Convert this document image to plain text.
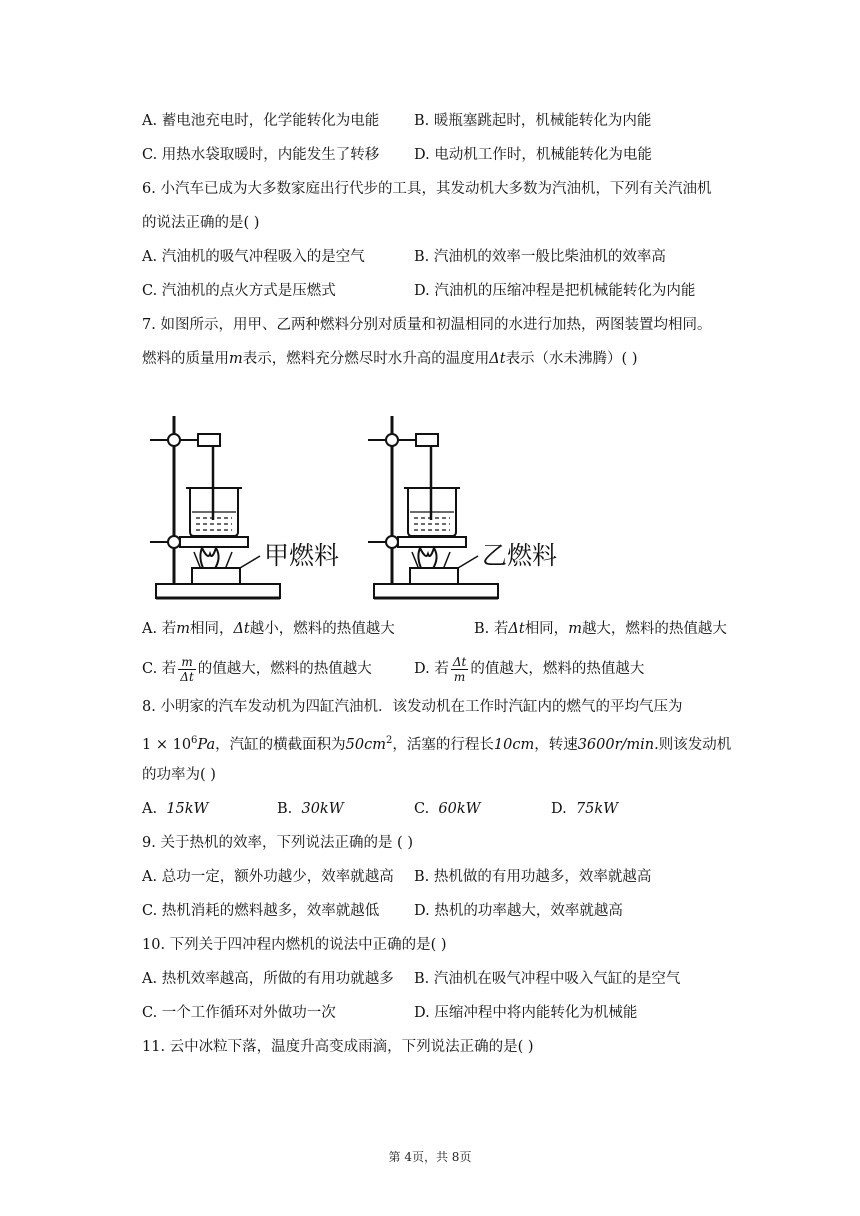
A. 蓄电池充电时，化学能转化为电能 B. 暖瓶塞跳起时，机械能转化为内能
C. 用热水袋取暖时，内能发生了转移 D. 电动机工作时，机械能转化为电能
6. 小汽车已成为大多数家庭出行代步的工具，其发动机大多数为汽油机，下列有关汽油机
的说法正确的是( )
A. 汽油机的吸气冲程吸入的是空气	B. 汽油机的效率一般比柴油机的效率高
C. 汽油机的点火方式是压燃式	D. 汽油机的压缩冲程是把机械能转化为内能
7. 如图所示，用甲、乙两种燃料分别对质量和初温相同的水进行加热，两图装置均相同。
燃料的质量用m表示，燃料充分燃尽时水升高的温度用Δt表示（水未沸腾）( )
甲燃料	乙燃料
A. 若m相同，Δt越小，燃料的热值越大	B. 若Δt相同，m越大，燃料的热值越大
C. 若 $\frac{m}{\Delta t}$ 的值越大，燃料的热值越大	D. 若 $\frac{\Delta t}{m}$ 的值越大，燃料的热值越大
8. 小明家的汽车发动机为四缸汽油机．该发动机在工作时汽缸内的燃气的平均气压为
$1 \times 10^6Pa$，汽缸的横截面积为$50cm^2$，活塞的行程长10cm，转速3600r/min.则该发动机
的功率为( )
A. 15kW	B. 30kW	C. 60kW	D. 75kW
9. 关于热机的效率，下列说法正确的是 ( )
A. 总功一定，额外功越少，效率就越高 B. 热机做的有用功越多，效率就越高
C. 热机消耗的燃料越多，效率就越低 D. 热机的功率越大，效率就越高
10. 下列关于四冲程内燃机的说法中正确的是( )
A. 热机效率越高，所做的有用功就越多 B. 汽油机在吸气冲程中吸入气缸的是空气
C. 一个工作循环对外做功一次	D. 压缩冲程中将内能转化为机械能
11. 云中冰粒下落，温度升高变成雨滴，下列说法正确的是( )
第 4页，共 8页
